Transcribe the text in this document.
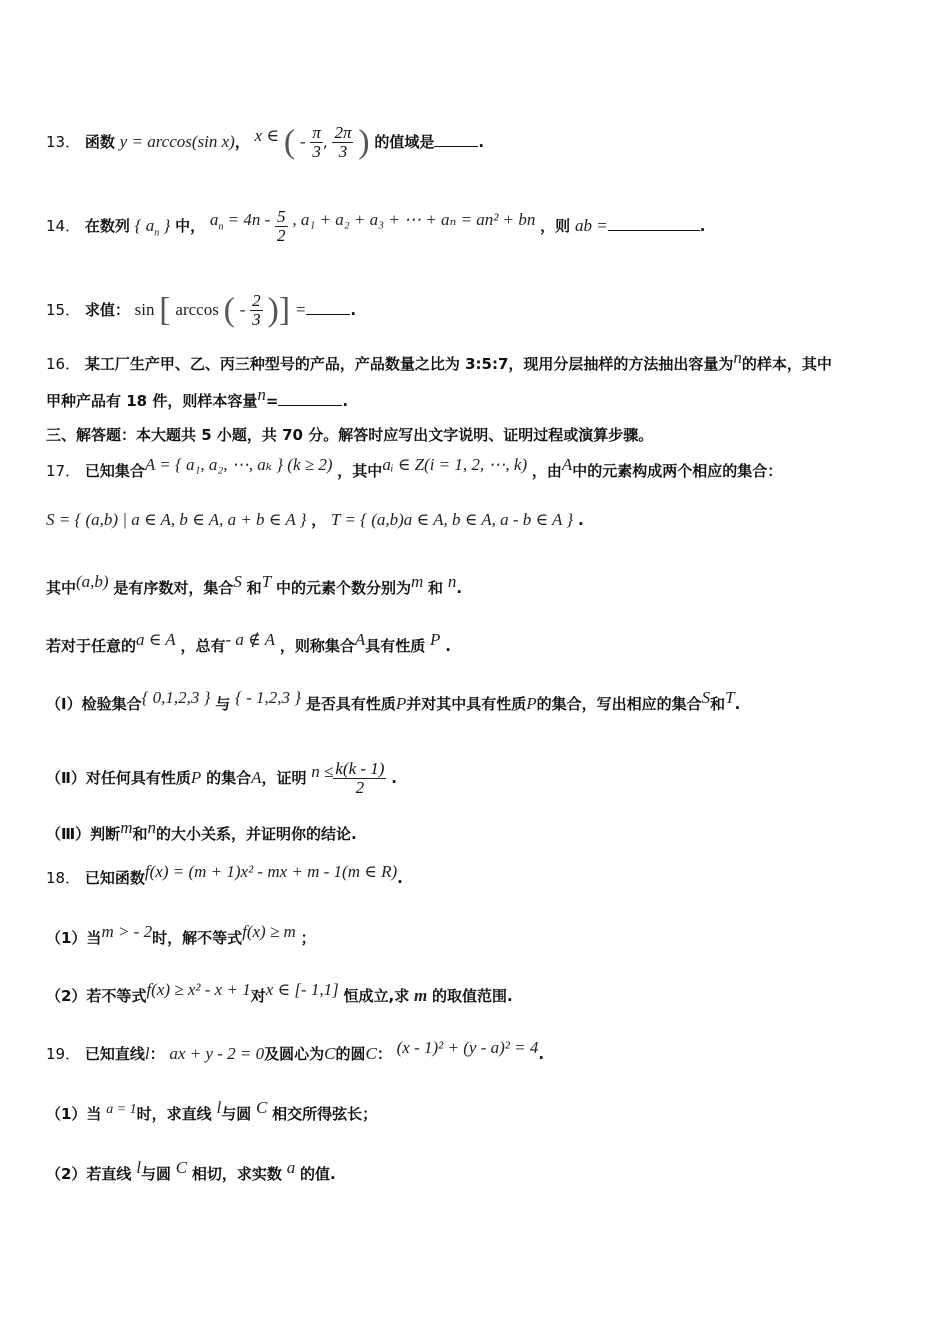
13． 函数 y = arccos(sin x)， x ∈ ( - $\frac{\pi}{3}$ , $\frac{2\pi}{3}$ ) 的值域是	.
14． 在数列 { $a_n$ } 中， $a_n = 4n - \frac{5}{2}$ , a₁ + a₂ + a₃ + ⋯ + aₙ = an² + bn ，则 ab =	.
15． 求值： sin [ arccos ( - $\frac{2}{3}$ )] =	.
16． 某工厂生产甲、乙、丙三种型号的产品，产品数量之比为 3:5:7，现用分层抽样的方法抽出容量为n的样本，其中
甲种产品有 18 件，则样本容量n=	.
三、解答题：本大题共 5 小题，共 70 分。解答时应写出文字说明、证明过程或演算步骤。
17． 已知集合A = { a₁, a₂, ⋯, aₖ } (k ≥ 2) ，其中aᵢ ∈ Z(i = 1, 2, ⋯, k) ，由A中的元素构成两个相应的集合：
S = { (a,b) | a ∈ A, b ∈ A, a + b ∈ A } ， T = { (a,b)a ∈ A, b ∈ A, a - b ∈ A } .
其中(a,b) 是有序数对，集合S 和T 中的元素个数分别为m 和 n.
若对于任意的a ∈ A ，总有- a ∉ A ，则称集合A具有性质 P .
（Ⅰ）检验集合{ 0,1,2,3 } 与 { - 1,2,3 } 是否具有性质P并对其中具有性质P的集合，写出相应的集合S和T.
（Ⅱ）对任何具有性质P 的集合A，证明 $n \le \frac{k(k - 1)}{2}$ .
（Ⅲ）判断m和n的大小关系，并证明你的结论.
18． 已知函数f(x) = (m + 1)x² - mx + m - 1(m ∈ R).
（1）当m > - 2时，解不等式f(x) ≥ m ；
（2）若不等式f(x) ≥ x² - x + 1对x ∈ [- 1,1] 恒成立,求 m 的取值范围.
19． 已知直线l： ax + y - 2 = 0及圆心为C的圆C： (x - 1)² + (y - a)² = 4.
（1）当 a = 1时，求直线 l与圆 C 相交所得弦长；
（2）若直线 l与圆 C 相切，求实数 a 的值.
